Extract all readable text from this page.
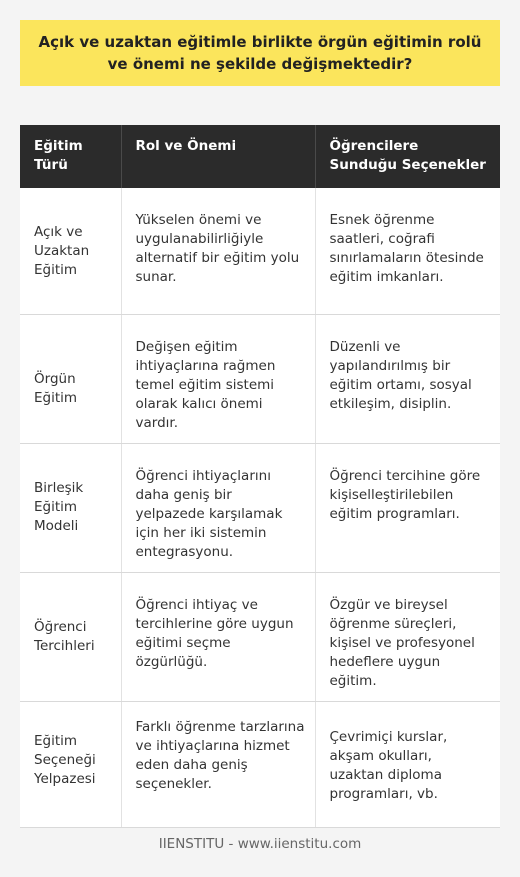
Açık ve uzaktan eğitimle birlikte örgün eğitimin rolü ve önemi ne şekilde değişmektedir?
Eğitim Türü	Rol ve Önemi	Öğrencilere Sunduğu Seçenekler
Açık ve Uzaktan Eğitim	Yükselen önemi ve uygulanabilirliğiyle alternatif bir eğitim yolu sunar.	Esnek öğrenme saatleri, coğrafi sınırlamaların ötesinde eğitim imkanları.
Örgün Eğitim	Değişen eğitim ihtiyaçlarına rağmen temel eğitim sistemi olarak kalıcı önemi vardır.	Düzenli ve yapılandırılmış bir eğitim ortamı, sosyal etkileşim, disiplin.
Birleşik Eğitim Modeli	Öğrenci ihtiyaçlarını daha geniş bir yelpazede karşılamak için her iki sistemin entegrasyonu.	Öğrenci tercihine göre kişiselleştirilebilen eğitim programları.
Öğrenci Tercihleri	Öğrenci ihtiyaç ve tercihlerine göre uygun eğitimi seçme özgürlüğü.	Özgür ve bireysel öğrenme süreçleri, kişisel ve profesyonel hedeflere uygun eğitim.
Eğitim Seçeneği Yelpazesi	Farklı öğrenme tarzlarına ve ihtiyaçlarına hizmet eden daha geniş seçenekler.	Çevrimiçi kurslar, akşam okulları, uzaktan diploma programları, vb.
IIENSTITU - www.iienstitu.com
